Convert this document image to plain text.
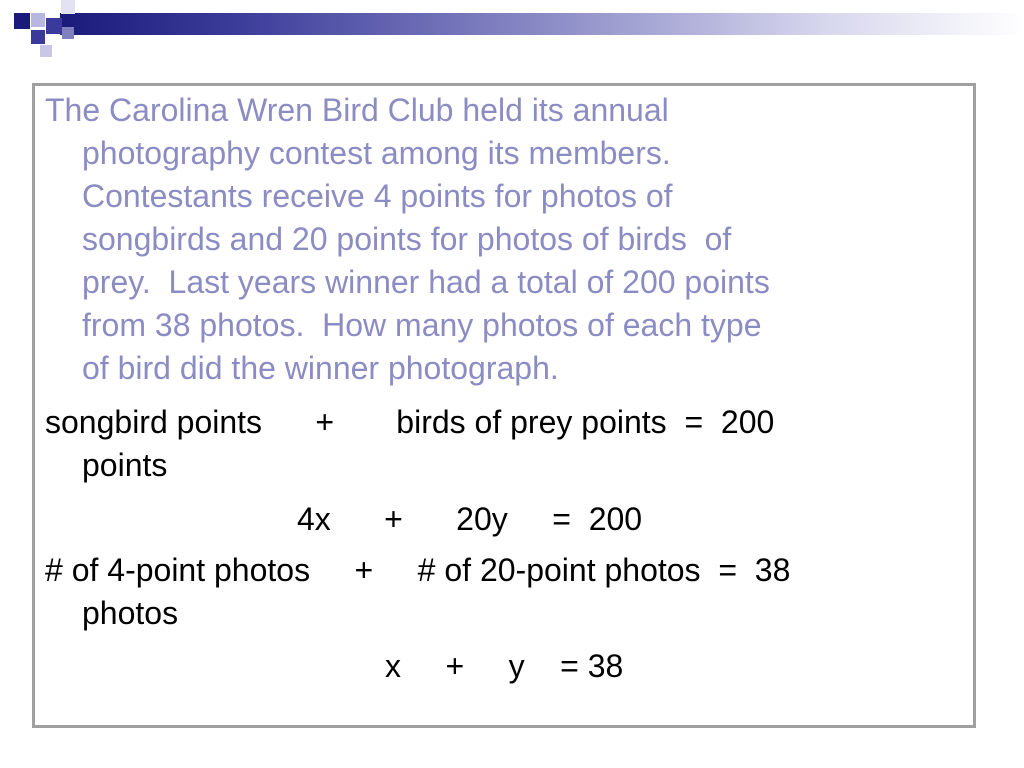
The Carolina Wren Bird Club held its annual
photography contest among its members.
Contestants receive 4 points for photos of
songbirds and 20 points for photos of birds  of
prey.  Last years winner had a total of 200 points
from 38 photos.  How many photos of each type
of bird did the winner photograph.
songbird points      +       birds of prey points  =  200
points
4x      +      20y     =  200
# of 4-point photos     +     # of 20-point photos  =  38
photos
x     +     y    = 38
